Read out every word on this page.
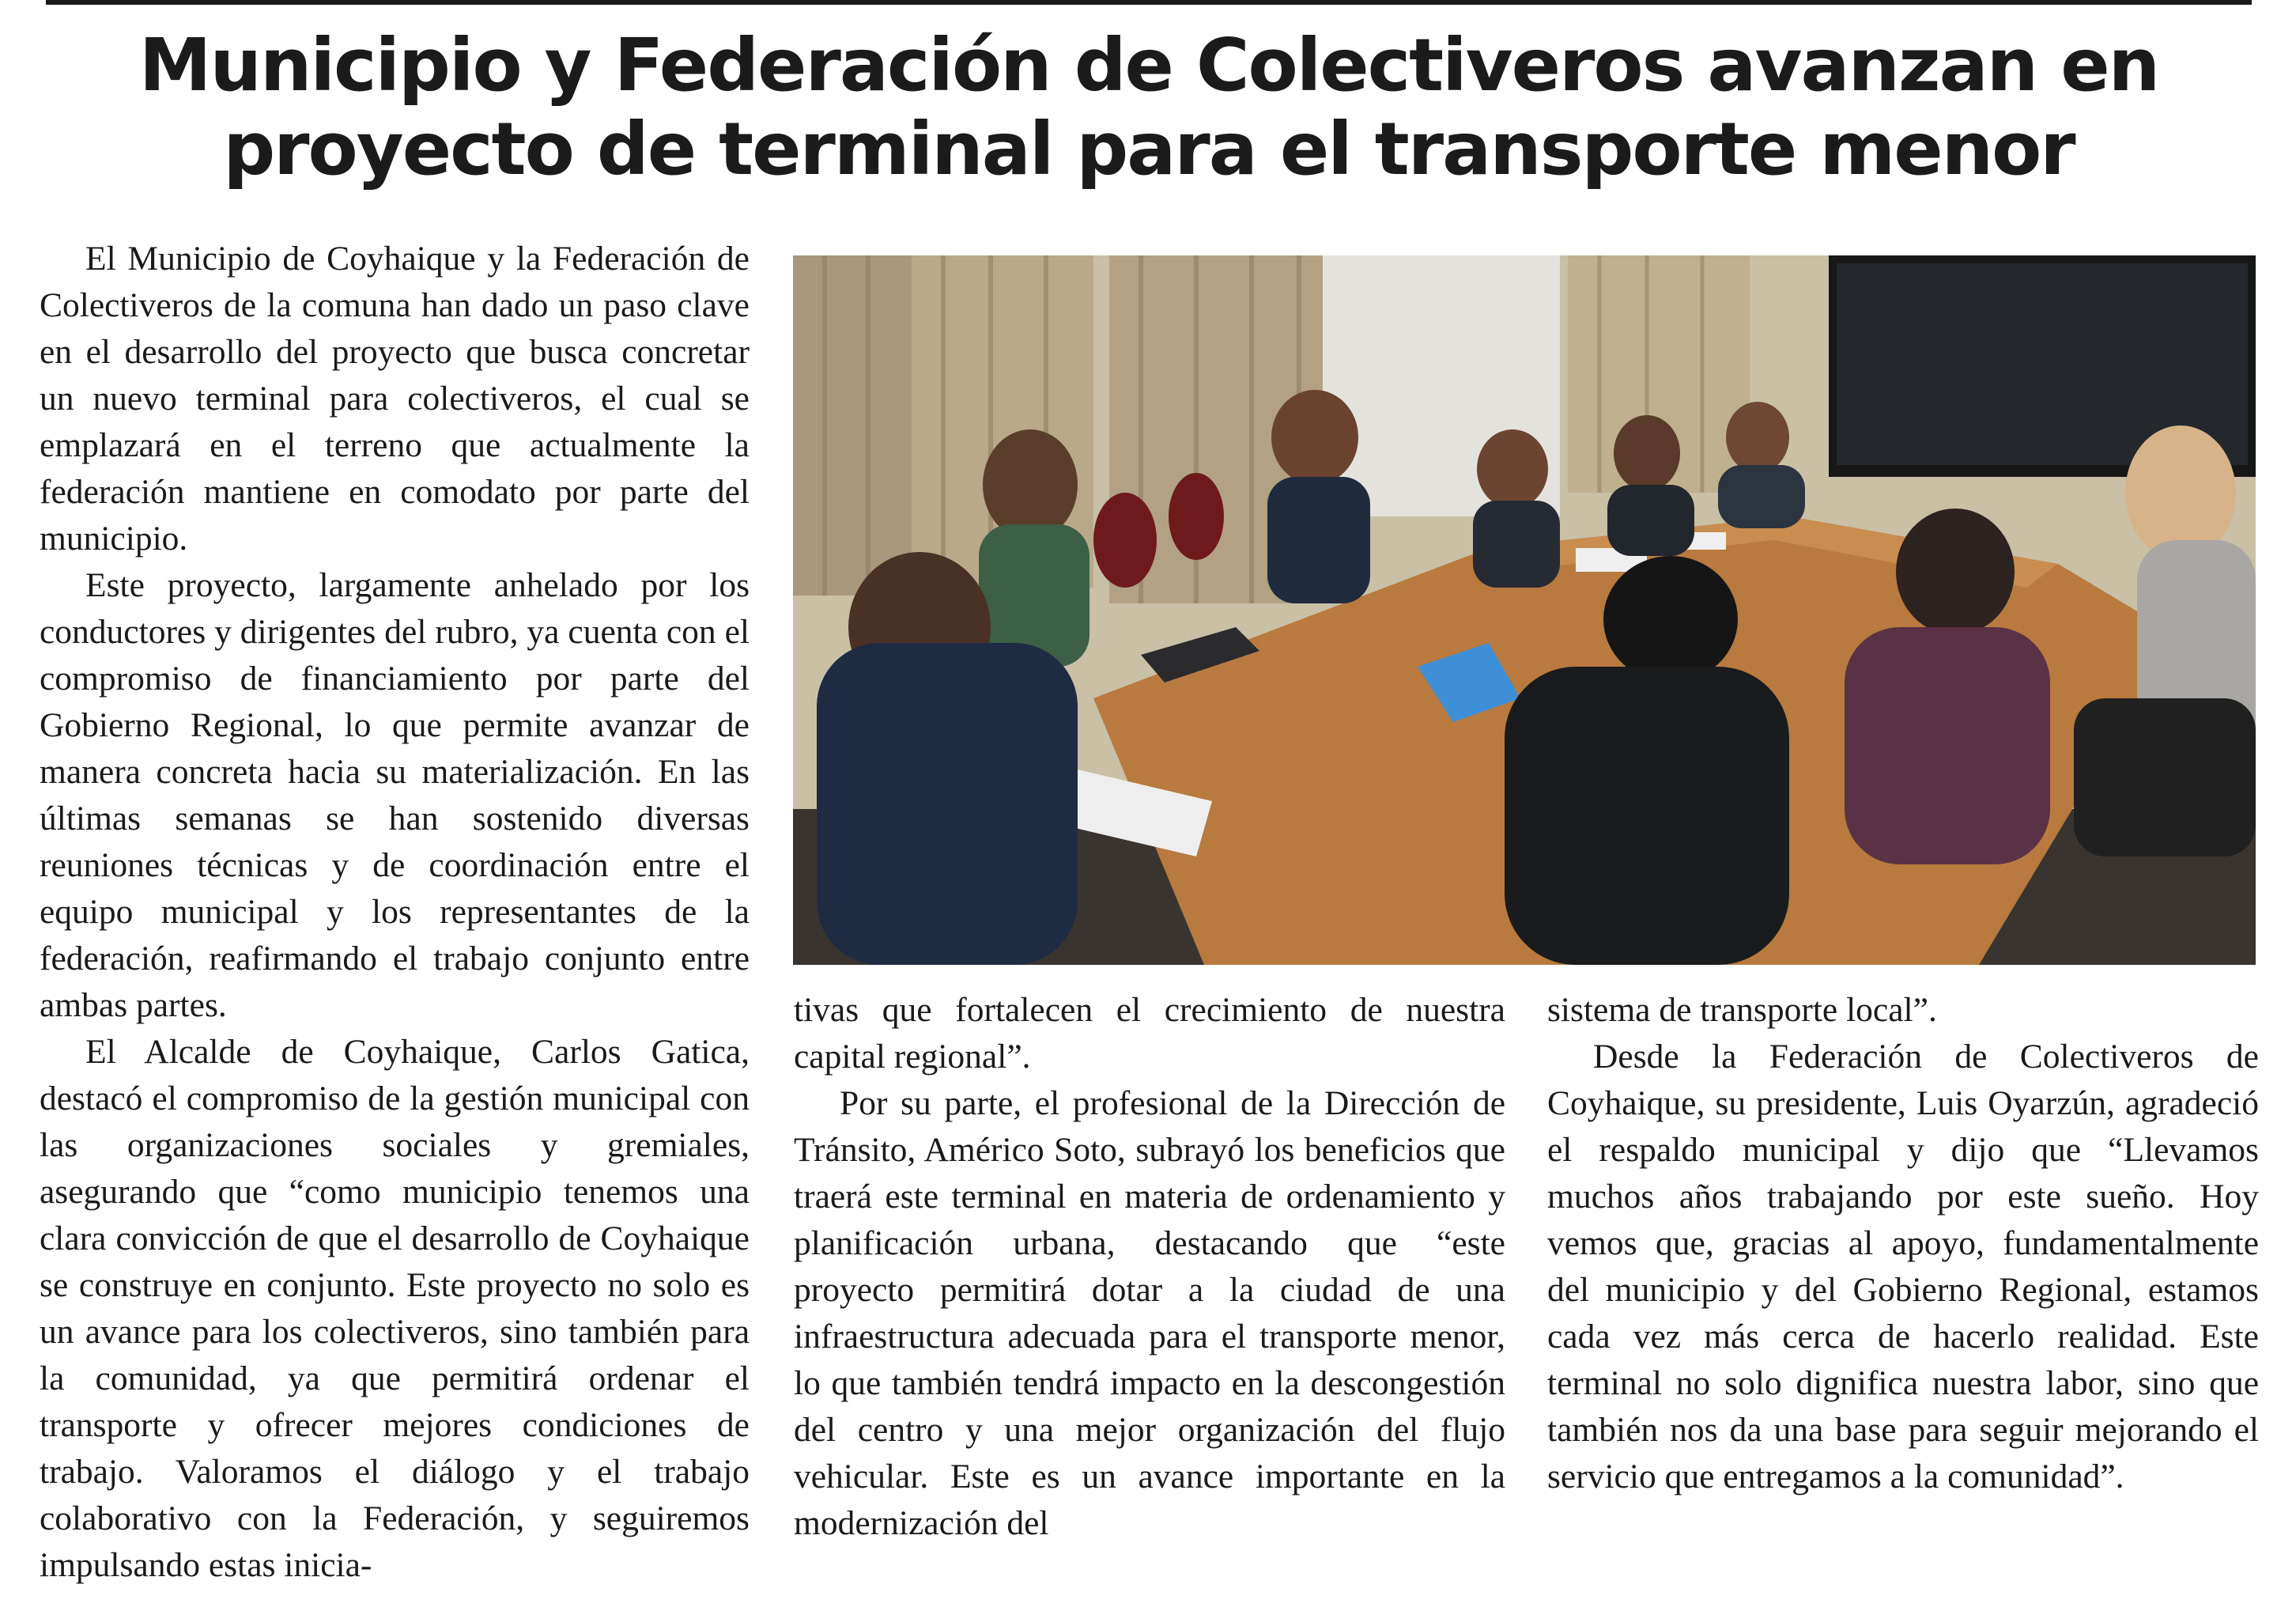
Municipio y Federación de Colectiveros avanzan en
proyecto de terminal para el transporte menor

El Municipio de Coyhaique y la Federación de Colectiveros de la comuna han dado un paso clave en el desarrollo del proyecto que busca concretar un nuevo terminal para colectiveros, el cual se emplazará en el terreno que actualmente la federación mantiene en comodato por parte del municipio.

Este proyecto, largamente anhelado por los conductores y dirigentes del rubro, ya cuenta con el compromiso de financiamiento por parte del Gobierno Regional, lo que permite avanzar de manera concreta hacia su materialización. En las últimas semanas se han sostenido diversas reuniones técnicas y de coordinación entre el equipo municipal y los representantes de la federación, reafirmando el trabajo conjunto entre ambas partes.

El Alcalde de Coyhaique, Carlos Gatica, destacó el compromiso de la gestión municipal con las organizaciones sociales y gremiales, asegurando que “como municipio tenemos una clara convicción de que el desarrollo de Coyhaique se construye en conjunto. Este proyecto no solo es un avance para los colectiveros, sino también para la comunidad, ya que permitirá ordenar el transporte y ofrecer mejores condiciones de trabajo. Valoramos el diálogo y el trabajo colaborativo con la Federación, y seguiremos impulsando estas inicia-

tivas que fortalecen el crecimiento de nuestra capital regional”.

Por su parte, el profesional de la Dirección de Tránsito, Américo Soto, subrayó los beneficios que traerá este terminal en materia de ordenamiento y planificación urbana, destacando que “este proyecto permitirá dotar a la ciudad de una infraestructura adecuada para el transporte menor, lo que también tendrá impacto en la descongestión del centro y una mejor organización del flujo vehicular. Este es un avance importante en la modernización del

sistema de transporte local”.

Desde la Federación de Colectiveros de Coyhaique, su presidente, Luis Oyarzún, agradeció el respaldo municipal y dijo que “Llevamos muchos años trabajando por este sueño. Hoy vemos que, gracias al apoyo, fundamentalmente del municipio y del Gobierno Regional, estamos cada vez más cerca de hacerlo realidad. Este terminal no solo dignifica nuestra labor, sino que también nos da una base para seguir mejorando el servicio que entregamos a la comunidad”.
